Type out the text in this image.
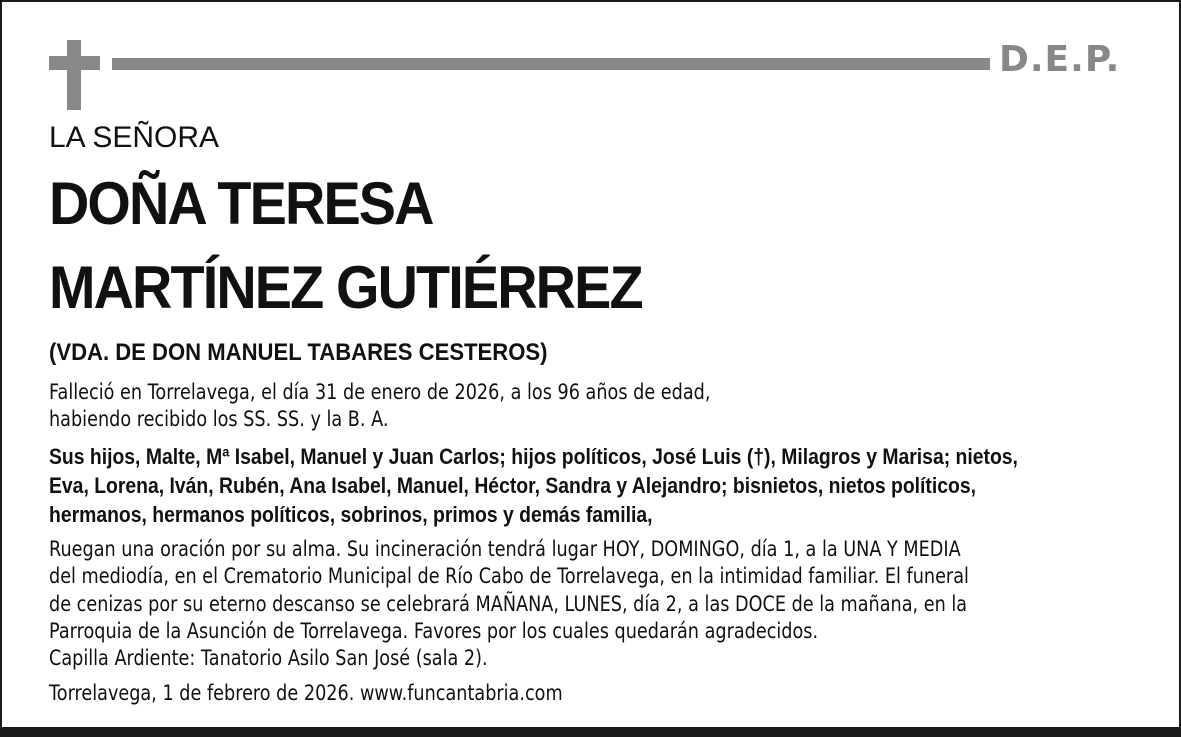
D.E.P.
LA SEÑORA
DOÑA TERESA
MARTÍNEZ GUTIÉRREZ
(VDA. DE DON MANUEL TABARES CESTEROS)
Falleció en Torrelavega, el día 31 de enero de 2026, a los 96 años de edad,
habiendo recibido los SS. SS. y la B. A.
Sus hijos, Malte, Mª Isabel, Manuel y Juan Carlos; hijos políticos, José Luis (†), Milagros y Marisa; nietos,
Eva, Lorena, Iván, Rubén, Ana Isabel, Manuel, Héctor, Sandra y Alejandro; bisnietos, nietos políticos,
hermanos, hermanos políticos, sobrinos, primos y demás familia,
Ruegan una oración por su alma. Su incineración tendrá lugar HOY, DOMINGO, día 1, a la UNA Y MEDIA
del mediodía, en el Crematorio Municipal de Río Cabo de Torrelavega, en la intimidad familiar. El funeral
de cenizas por su eterno descanso se celebrará MAÑANA, LUNES, día 2, a las DOCE de la mañana, en la
Parroquia de la Asunción de Torrelavega. Favores por los cuales quedarán agradecidos.
Capilla Ardiente: Tanatorio Asilo San José (sala 2).
Torrelavega, 1 de febrero de 2026. www.funcantabria.com
